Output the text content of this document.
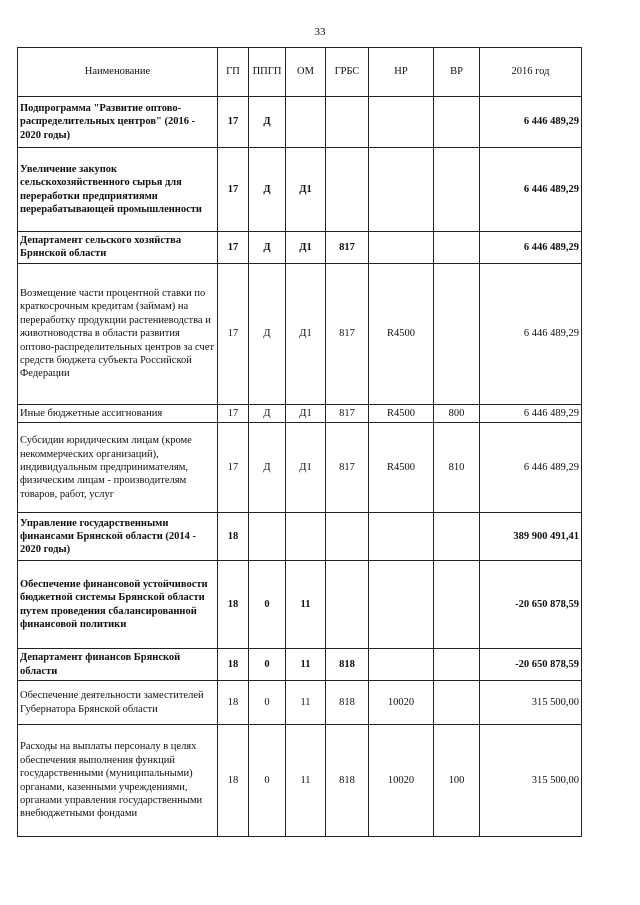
33
Наименование	ГП	ППГП	ОМ	ГРБС	НР	ВР	2016 год
Подпрограмма "Развитие оптово-распределительных центров" (2016 - 2020 годы)	17	Д					6 446 489,29
Увеличение закупок сельскохозяйственного сырья для переработки предприятиями перерабатывающей промышленности	17	Д	Д1				6 446 489,29
Департамент сельского хозяйства Брянской области	17	Д	Д1	817			6 446 489,29
Возмещение части процентной ставки по краткосрочным кредитам (займам) на переработку продукции растениеводства и животноводства в области развития оптово-распределительных центров за счет средств бюджета субъекта Российской Федерации	17	Д	Д1	817	R4500		6 446 489,29
Иные бюджетные ассигнования	17	Д	Д1	817	R4500	800	6 446 489,29
Субсидии юридическим лицам (кроме некоммерческих организаций), индивидуальным предпринимателям, физическим лицам - производителям товаров, работ, услуг	17	Д	Д1	817	R4500	810	6 446 489,29
Управление государственными финансами Брянской области (2014 - 2020 годы)	18						389 900 491,41
Обеспечение финансовой устойчивости бюджетной системы Брянской области путем проведения сбалансированной финансовой политики	18	0	11				-20 650 878,59
Департамент финансов Брянской области	18	0	11	818			-20 650 878,59
Обеспечение деятельности заместителей Губернатора Брянской области	18	0	11	818	10020		315 500,00
Расходы на выплаты персоналу в целях обеспечения выполнения функций государственными (муниципальными) органами, казенными учреждениями, органами управления государственными внебюджетными фондами	18	0	11	818	10020	100	315 500,00
